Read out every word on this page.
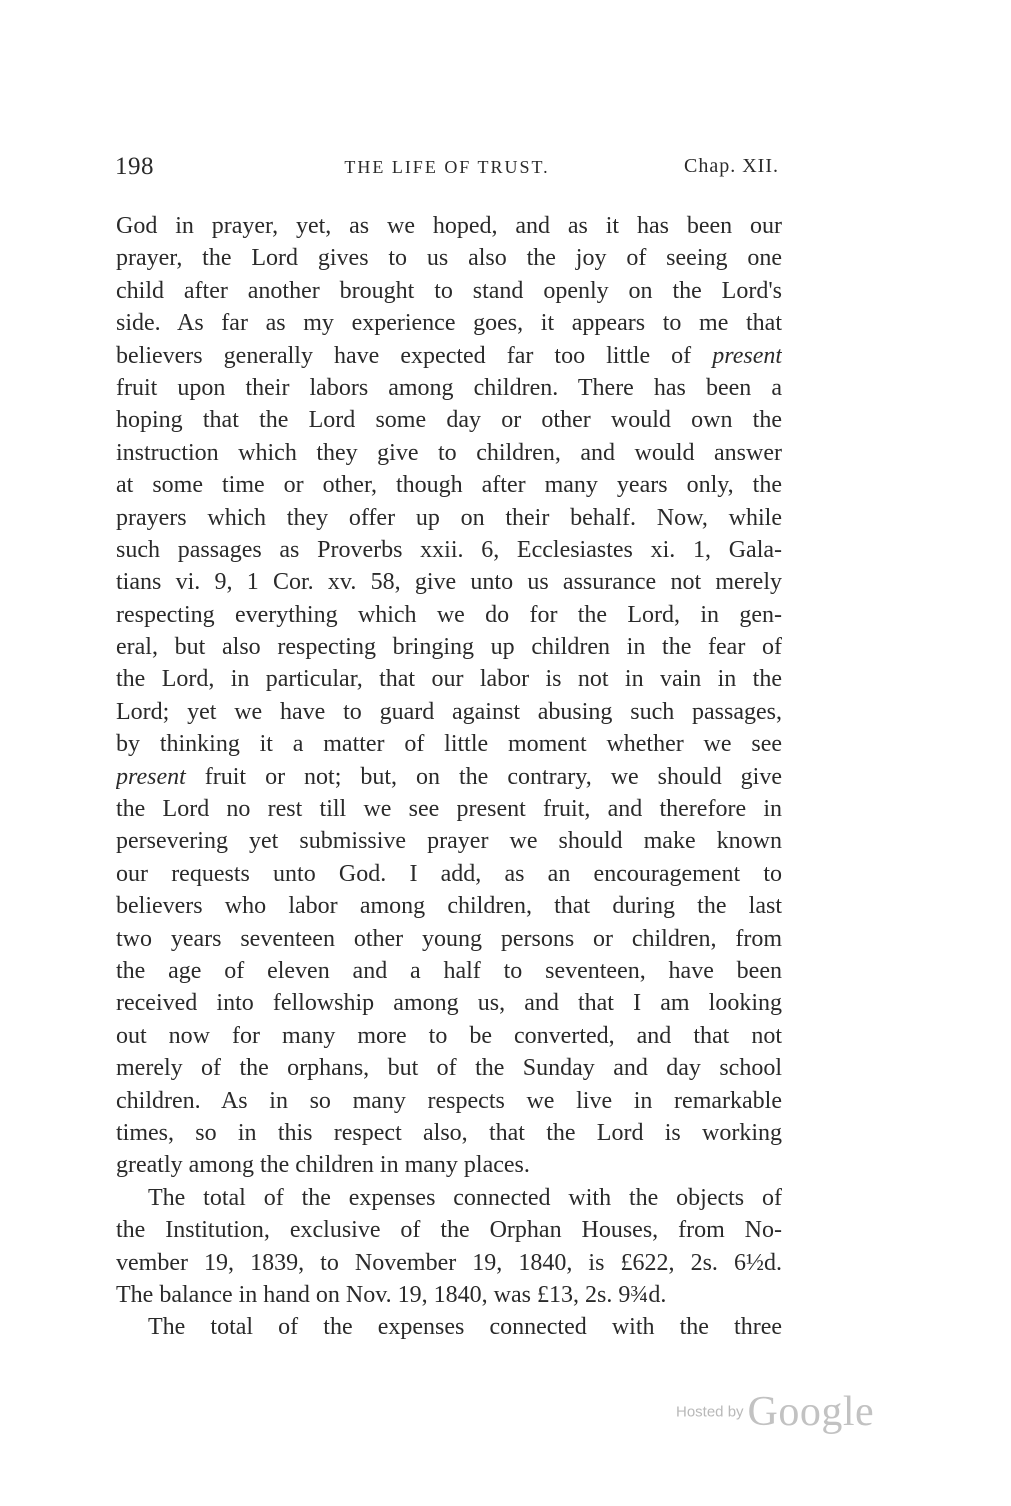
198	THE LIFE OF TRUST.	Chap. XII.
God in prayer, yet, as we hoped, and as it has been our
prayer, the Lord gives to us also the joy of seeing one
child after another brought to stand openly on the Lord's
side. As far as my experience goes, it appears to me that
believers generally have expected far too little of present
fruit upon their labors among children. There has been a
hoping that the Lord some day or other would own the
instruction which they give to children, and would answer
at some time or other, though after many years only, the
prayers which they offer up on their behalf. Now, while
such passages as Proverbs xxii. 6, Ecclesiastes xi. 1, Gala-
tians vi. 9, 1 Cor. xv. 58, give unto us assurance not merely
respecting everything which we do for the Lord, in gen-
eral, but also respecting bringing up children in the fear of
the Lord, in particular, that our labor is not in vain in the
Lord; yet we have to guard against abusing such passages,
by thinking it a matter of little moment whether we see
present fruit or not; but, on the contrary, we should give
the Lord no rest till we see present fruit, and therefore in
persevering yet submissive prayer we should make known
our requests unto God. I add, as an encouragement to
believers who labor among children, that during the last
two years seventeen other young persons or children, from
the age of eleven and a half to seventeen, have been
received into fellowship among us, and that I am looking
out now for many more to be converted, and that not
merely of the orphans, but of the Sunday and day school
children. As in so many respects we live in remarkable
times, so in this respect also, that the Lord is working
greatly among the children in many places.
The total of the expenses connected with the objects of
the Institution, exclusive of the Orphan Houses, from No-
vember 19, 1839, to November 19, 1840, is £622, 2s. 6½d.
The balance in hand on Nov. 19, 1840, was £13, 2s. 9¾d.
The total of the expenses connected with the three
Hosted by Google
